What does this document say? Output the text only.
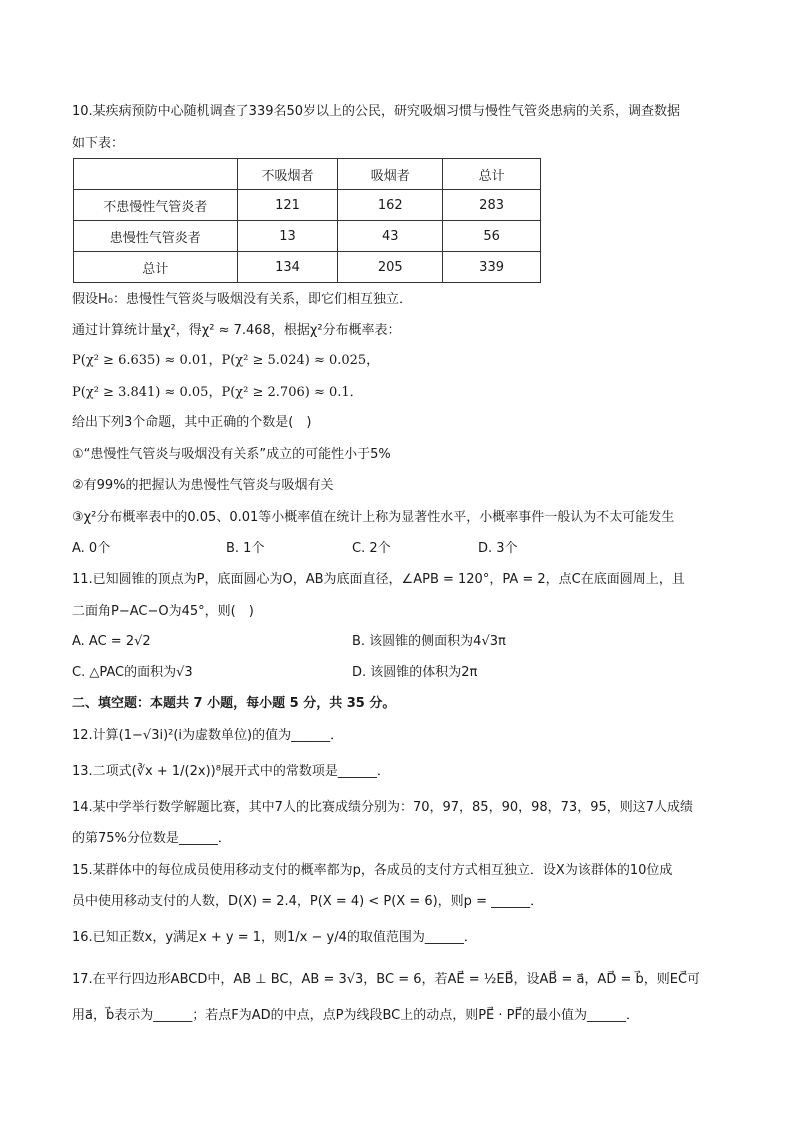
10.某疾病预防中心随机调查了339名50岁以上的公民，研究吸烟习惯与慢性气管炎患病的关系，调查数据
如下表：
	不吸烟者	吸烟者	总计
不患慢性气管炎者	121	162	283
患慢性气管炎者	13	43	56
总计	134	205	339
假设H₀：患慢性气管炎与吸烟没有关系，即它们相互独立．
通过计算统计量χ²，得χ² ≈ 7.468，根据χ²分布概率表：
P(χ² ≥ 6.635) ≈ 0.01，P(χ² ≥ 5.024) ≈ 0.025，
P(χ² ≥ 3.841) ≈ 0.05，P(χ² ≥ 2.706) ≈ 0.1．
给出下列3个命题，其中正确的个数是(　)
①“患慢性气管炎与吸烟没有关系”成立的可能性小于5%
②有99%的把握认为患慢性气管炎与吸烟有关
③χ²分布概率表中的0.05、0.01等小概率值在统计上称为显著性水平，小概率事件一般认为不太可能发生
A. 0个	B. 1个	C. 2个	D. 3个
11.已知圆锥的顶点为P，底面圆心为O，AB为底面直径，∠APB = 120°，PA = 2，点C在底面圆周上，且
二面角P−AC−O为45°，则(　)
A. AC = 2√2	B. 该圆锥的侧面积为4√3π
C. △PAC的面积为√3	D. 该圆锥的体积为2π
二、填空题：本题共 7 小题，每小题 5 分，共 35 分。
12.计算(1−√3i)²(i为虚数单位)的值为______．
13.二项式(∛x + 1/(2x))⁸展开式中的常数项是______．
14.某中学举行数学解题比赛，其中7人的比赛成绩分别为：70，97，85，90，98，73，95，则这7人成绩
的第75%分位数是______．
15.某群体中的每位成员使用移动支付的概率都为p，各成员的支付方式相互独立．设X为该群体的10位成
员中使用移动支付的人数，D(X) = 2.4，P(X = 4) < P(X = 6)，则p = ______．
16.已知正数x，y满足x + y = 1，则1/x − y/4的取值范围为______．
17.在平行四边形ABCD中，AB ⊥ BC，AB = 3√3，BC = 6，若AE⃗ = ½EB⃗，设AB⃗ = a⃗，AD⃗ = b⃗，则EC⃗可
用a⃗，b⃗表示为______；若点F为AD的中点，点P为线段BC上的动点，则PE⃗ · PF⃗的最小值为______．
